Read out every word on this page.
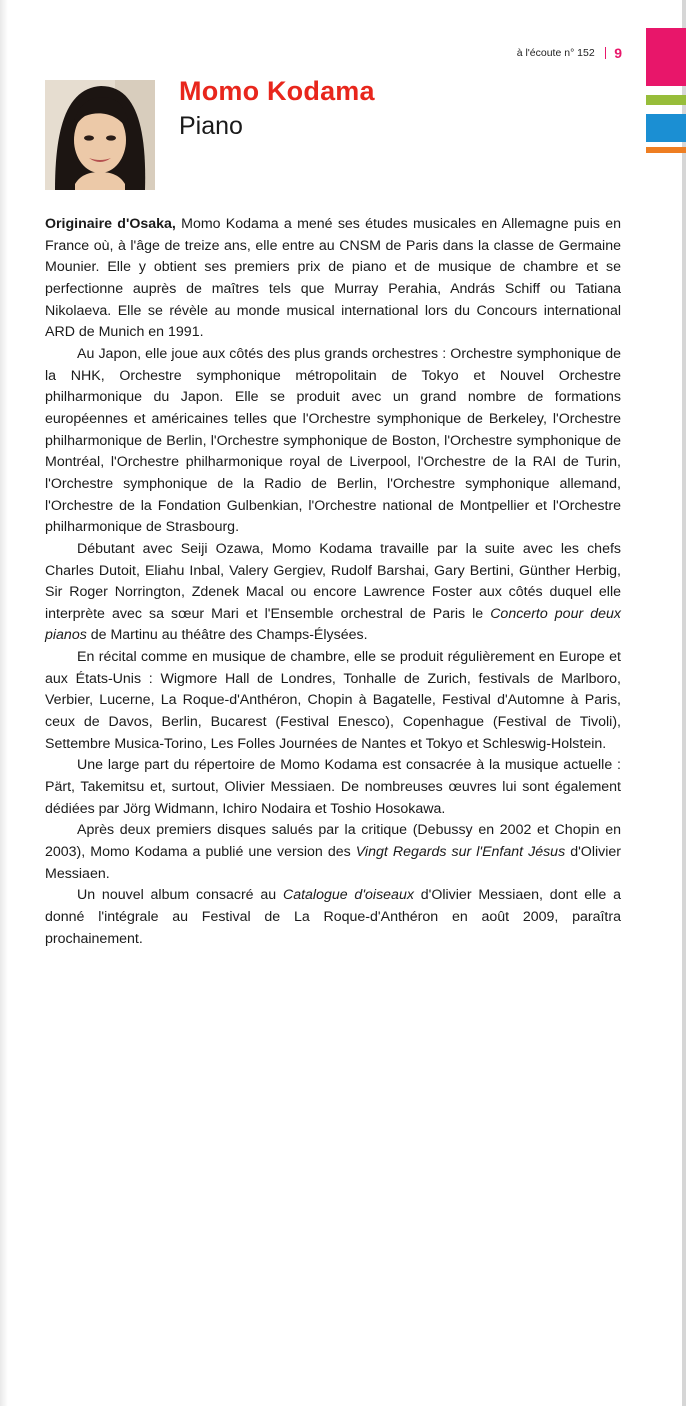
à l'écoute n° 152 9
Momo Kodama
Piano

Originaire d'Osaka, Momo Kodama a mené ses études musicales en Allemagne puis en France où, à l'âge de treize ans, elle entre au CNSM de Paris dans la classe de Germaine Mounier. Elle y obtient ses premiers prix de piano et de musique de chambre et se perfectionne auprès de maîtres tels que Murray Perahia, András Schiff ou Tatiana Nikolaeva. Elle se révèle au monde musical international lors du Concours international ARD de Munich en 1991.

Au Japon, elle joue aux côtés des plus grands orchestres : Orchestre symphonique de la NHK, Orchestre symphonique métropolitain de Tokyo et Nouvel Orchestre philharmonique du Japon. Elle se produit avec un grand nombre de formations européennes et américaines telles que l'Orchestre symphonique de Berkeley, l'Orchestre philharmonique de Berlin, l'Orchestre symphonique de Boston, l'Orchestre symphonique de Montréal, l'Orchestre philharmonique royal de Liverpool, l'Orchestre de la RAI de Turin, l'Orchestre symphonique de la Radio de Berlin, l'Orchestre symphonique allemand, l'Orchestre de la Fondation Gulbenkian, l'Orchestre national de Montpellier et l'Orchestre philharmonique de Strasbourg.

Débutant avec Seiji Ozawa, Momo Kodama travaille par la suite avec les chefs Charles Dutoit, Eliahu Inbal, Valery Gergiev, Rudolf Barshai, Gary Bertini, Günther Herbig, Sir Roger Norrington, Zdenek Macal ou encore Lawrence Foster aux côtés duquel elle interprète avec sa sœur Mari et l'Ensemble orchestral de Paris le Concerto pour deux pianos de Martinu au théâtre des Champs-Élysées.

En récital comme en musique de chambre, elle se produit régulièrement en Europe et aux États-Unis : Wigmore Hall de Londres, Tonhalle de Zurich, festivals de Marlboro, Verbier, Lucerne, La Roque-d'Anthéron, Chopin à Bagatelle, Festival d'Automne à Paris, ceux de Davos, Berlin, Bucarest (Festival Enesco), Copenhague (Festival de Tivoli), Settembre Musica-Torino, Les Folles Journées de Nantes et Tokyo et Schleswig-Holstein.

Une large part du répertoire de Momo Kodama est consacrée à la musique actuelle : Pärt, Takemitsu et, surtout, Olivier Messiaen. De nombreuses œuvres lui sont également dédiées par Jörg Widmann, Ichiro Nodaira et Toshio Hosokawa.

Après deux premiers disques salués par la critique (Debussy en 2002 et Chopin en 2003), Momo Kodama a publié une version des Vingt Regards sur l'Enfant Jésus d'Olivier Messiaen.

Un nouvel album consacré au Catalogue d'oiseaux d'Olivier Messiaen, dont elle a donné l'intégrale au Festival de La Roque-d'Anthéron en août 2009, paraîtra prochainement.
